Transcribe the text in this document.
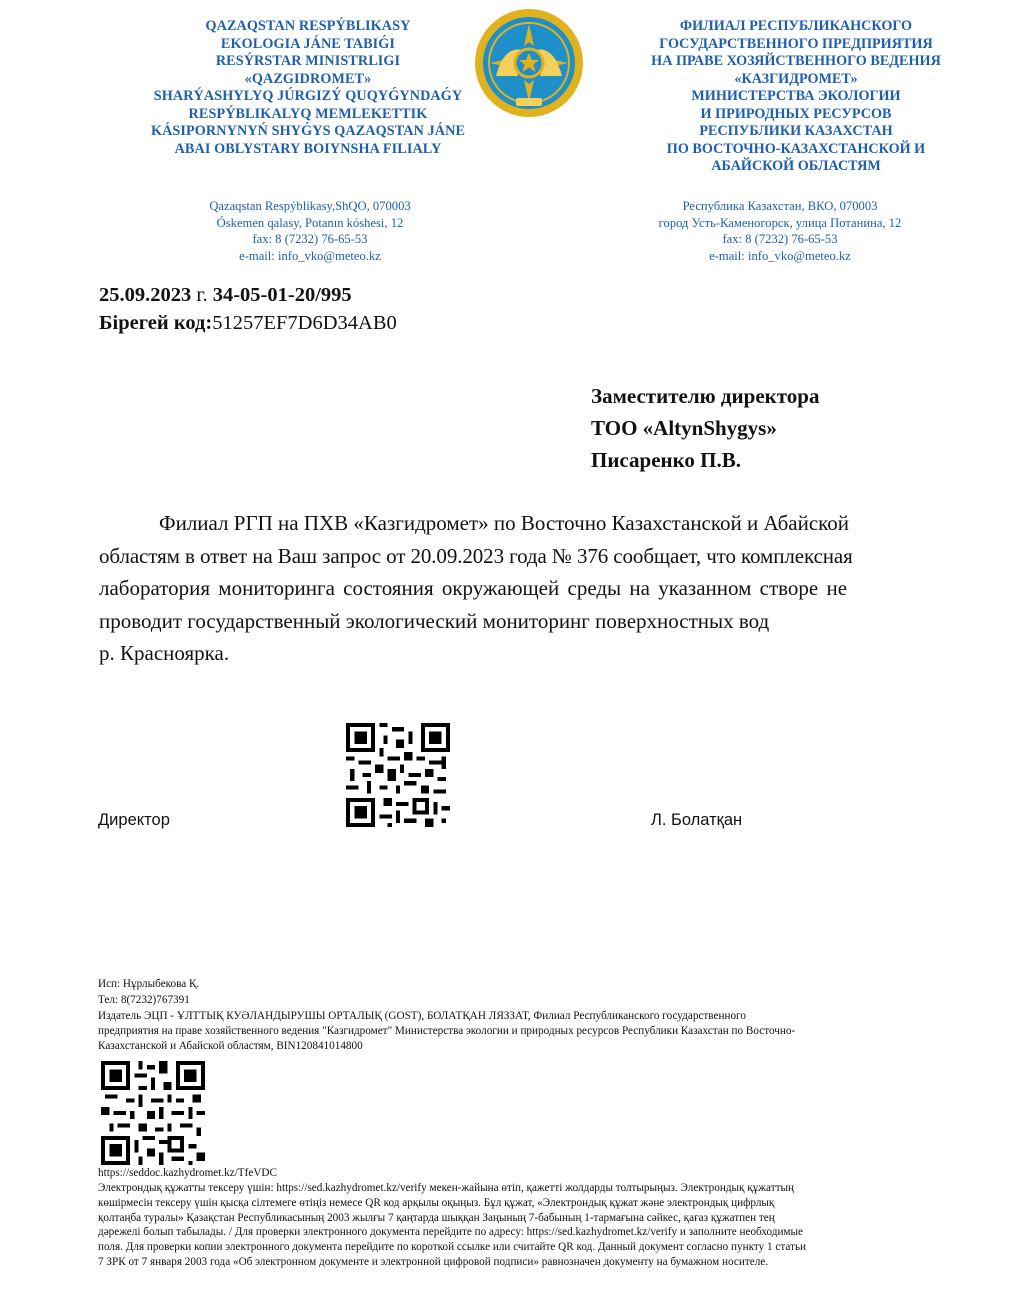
QAZAQSTAN RESPÝBLIKASY
EKOLOGIA JÁNE TABIǴI
RESÝRSTAR MINISTRLIGI
«QAZGIDROMET»
SHARÝASHYLYQ JÚRGIZÝ QUQYǴYNDAǴY
RESPÝBLIKALYQ MEMLEKETTIK
KÁSIPORNYNYŃ SHYǴYS QAZAQSTAN JÁNE
ABAI OBLYSTARY BOIYNSHA FILIALY
ФИЛИАЛ РЕСПУБЛИКАНСКОГО
ГОСУДАРСТВЕННОГО ПРЕДПРИЯТИЯ
НА ПРАВЕ ХОЗЯЙСТВЕННОГО ВЕДЕНИЯ
«КАЗГИДРОМЕТ»
МИНИСТЕРСТВА ЭКОЛОГИИ
И ПРИРОДНЫХ РЕСУРСОВ
РЕСПУБЛИКИ КАЗАХСТАН
ПО ВОСТОЧНО-КАЗАХСТАНСКОЙ И
АБАЙСКОЙ ОБЛАСТЯМ
Qazaqstan Respýblikasy,ShQO, 070003
Óskemen qalasy, Potanın kóshesi, 12
fax: 8 (7232) 76-65-53
e-mail: info_vko@meteo.kz
Республика Казахстан, ВКО, 070003
город Усть-Каменогорск, улица Потанина, 12
fax: 8 (7232) 76-65-53
e-mail: info_vko@meteo.kz
25.09.2023 г. 34-05-01-20/995
Бірегей код:51257EF7D6D34AB0
Заместителю директора
ТОО «AltynShygys»
Писаренко П.В.
Филиал РГП на ПХВ «Казгидромет» по Восточно Казахстанской и Абайской
областям в ответ на Ваш запрос от 20.09.2023 года № 376 сообщает, что комплексная
лаборатория мониторинга состояния окружающей среды на указанном створе не
проводит государственный экологический мониторинг поверхностных вод
р. Красноярка.
Директор	Л. Болатқан
Исп: Нұрлыбекова Қ.
Тел: 8(7232)767391
Издатель ЭЦП - ҰЛТТЫҚ КУӘЛАНДЫРУШЫ ОРТАЛЫҚ (GOST), БОЛАТҚАН ЛЯЗЗАТ, Филиал Республиканского государственного
предприятия на праве хозяйственного ведения "Казгидромет" Министерства экологии и природных ресурсов Республики Казахстан по Восточно-
Казахстанской и Абайской областям, BIN120841014800
https://seddoc.kazhydromet.kz/TfeVDC
Электрондық құжатты тексеру үшін: https://sed.kazhydromet.kz/verify мекен-жайына өтіп, қажетті жолдарды толтырыңыз. Электрондық құжаттың
көшірмесін тексеру үшін қысқа сілтемеге өтіңіз немесе QR код арқылы оқыңыз. Бұл құжат, «Электрондық құжат және электрондық цифрлық
қолтаңба туралы» Қазақстан Республикасының 2003 жылғы 7 қаңтарда шыққан Заңының 7-бабының 1-тармағына сәйкес, қағаз құжатпен тең
дәрежелі болып табылады. / Для проверки электронного документа перейдите по адресу: https://sed.kazhydromet.kz/verify и заполните необходимые
поля. Для проверки копии электронного документа перейдите по короткой ссылке или считайте QR код. Данный документ согласно пункту 1 статьи
7 ЗРК от 7 января 2003 года «Об электронном документе и электронной цифровой подписи» равнозначен документу на бумажном носителе.
